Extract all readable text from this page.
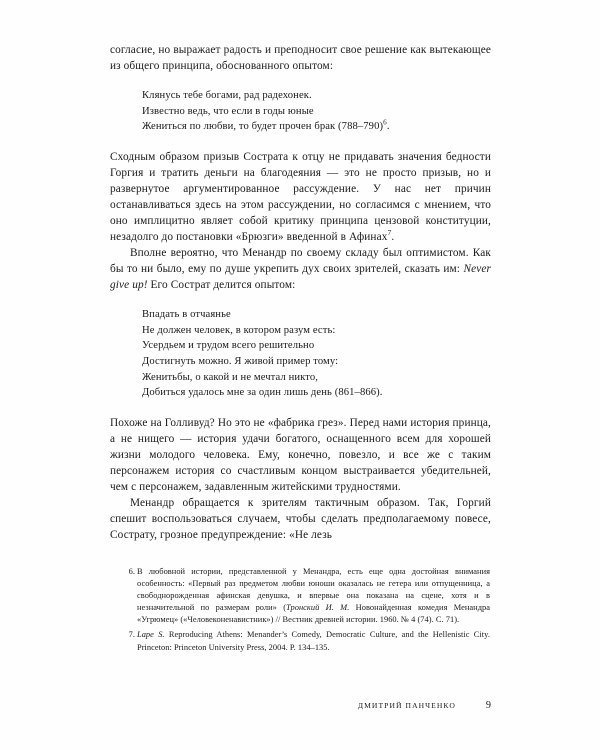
согласие, но выражает радость и преподносит свое решение как вытекающее из общего принципа, обоснованного опытом:

Клянусь тебе богами, рад радехонек.
Известно ведь, что если в годы юные
Жениться по любви, то будет прочен брак (788–790)$^6$.

Сходным образом призыв Сострата к отцу не придавать значения бедности Горгия и тратить деньги на благодеяния — это не просто призыв, но и развернутое аргументированное рассуждение. У нас нет причин останавливаться здесь на этом рассуждении, но согласимся с мнением, что оно имплицитно являет собой критику принципа цензовой конституции, незадолго до постановки «Брюзги» введенной в Афинах$^7$.

Вполне вероятно, что Менандр по своему складу был оптимистом. Как бы то ни было, ему по душе укрепить дух своих зрителей, сказать им: Never give up! Его Сострат делится опытом:

Впадать в отчаянье
Не должен человек, в котором разум есть:
Усердьем и трудом всего решительно
Достигнуть можно. Я живой пример тому:
Женитьбы, о какой и не мечтал никто,
Добиться удалось мне за один лишь день (861–866).

Похоже на Голливуд? Но это не «фабрика грез». Перед нами история принца, а не нищего — история удачи богатого, оснащенного всем для хорошей жизни молодого человека. Ему, конечно, повезло, и все же с таким персонажем история со счастливым концом выстраивается убедительней, чем с персонажем, задавленным житейскими трудностями.

Менандр обращается к зрителям тактичным образом. Так, Горгий спешит воспользоваться случаем, чтобы сделать предполагаемому повесе, Сострату, грозное предупреждение: «Не лезь

6. В любовной истории, представленной у Менандра, есть еще одна достойная внимания особенность: «Первый раз предметом любви юноши оказалась не гетера или отпущенница, а свободнорожденная афинская девушка, и впервые она показана на сцене, хотя и в незначительной по размерам роли» (Тронский И. М. Новонайденная комедия Менандра «Угрюмец» («Человеконенавистник») // Вестник древней истории. 1960. № 4 (74). С. 71).
7. Lape S. Reproducing Athens: Menander’s Comedy, Democratic Culture, and the Hellenistic City. Princeton: Princeton University Press, 2004. P. 134–135.
ДМИТРИЙ ПАНЧЕНКО	9
